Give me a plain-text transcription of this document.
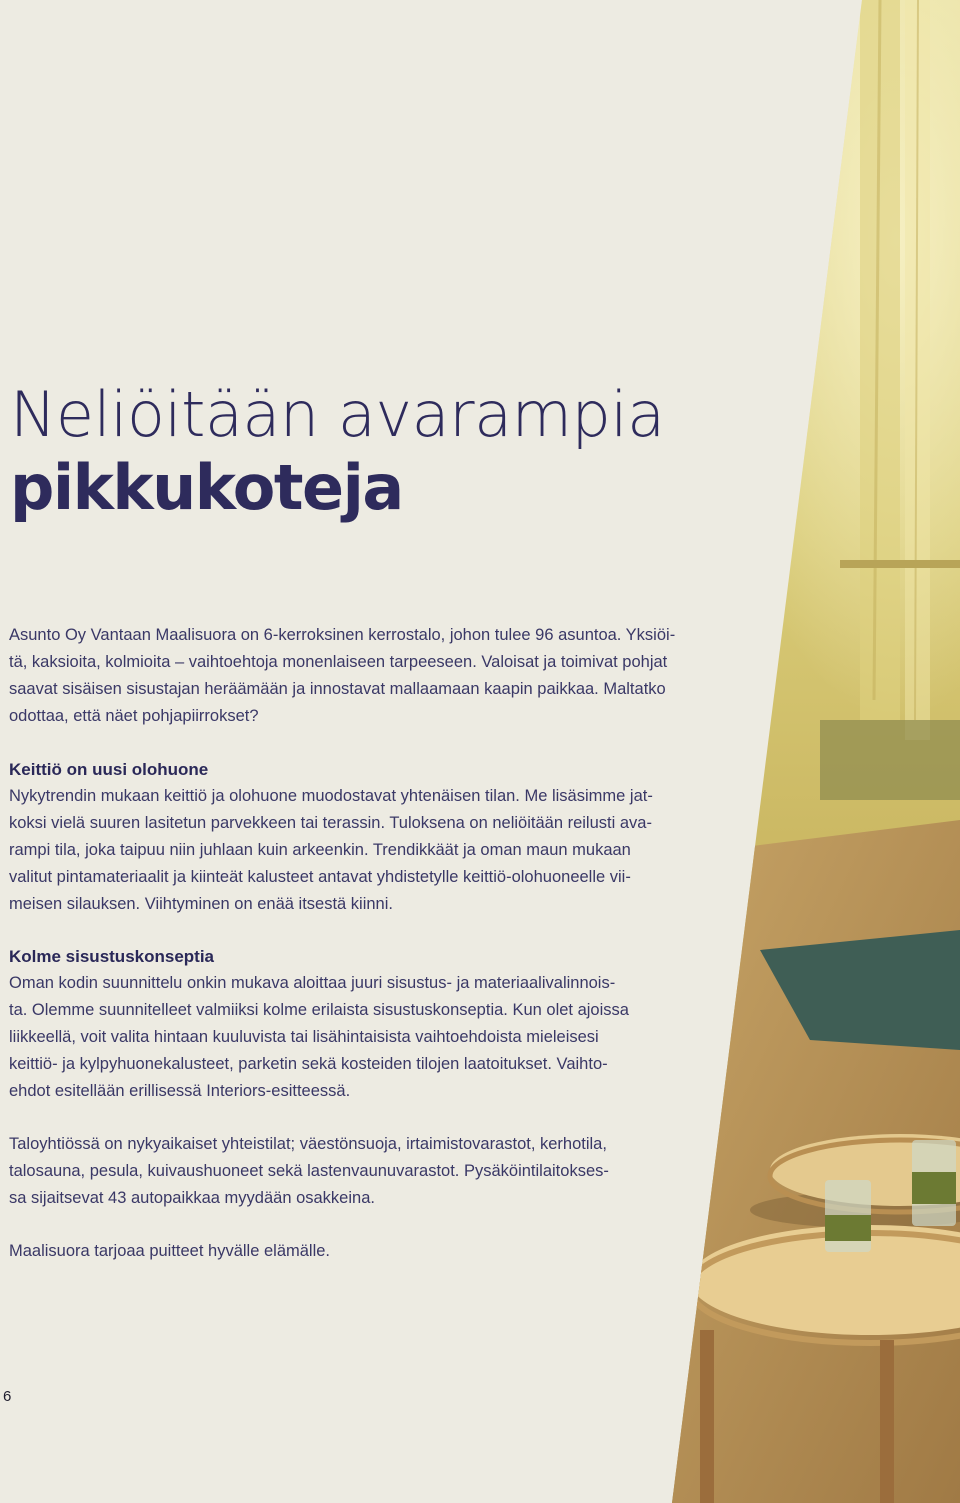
Neliöitään avarampia
pikkukoteja

Asunto Oy Vantaan Maalisuora on 6-kerroksinen kerrostalo, johon tulee 96 asuntoa. Yksiöi-
tä, kaksioita, kolmioita – vaihtoehtoja monenlaiseen tarpeeseen. Valoisat ja toimivat pohjat
saavat sisäisen sisustajan heräämään ja innostavat mallaamaan kaapin paikkaa. Maltatko
odottaa, että näet pohjapiirrokset?

Keittiö on uusi olohuone

Nykytrendin mukaan keittiö ja olohuone muodostavat yhtenäisen tilan. Me lisäsimme jat-
koksi vielä suuren lasitetun parvekkeen tai terassin. Tuloksena on neliöitään reilusti ava-
rampi tila, joka taipuu niin juhlaan kuin arkeenkin. Trendikkäät ja oman maun mukaan
valitut pintamateriaalit ja kiinteät kalusteet antavat yhdistetylle keittiö-olohuoneelle vii-
meisen silauksen. Viihtyminen on enää itsestä kiinni.

Kolme sisustuskonseptia

Oman kodin suunnittelu onkin mukava aloittaa juuri sisustus- ja materiaalivalinnois-
ta. Olemme suunnitelleet valmiiksi kolme erilaista sisustuskonseptia. Kun olet ajoissa
liikkeellä, voit valita hintaan kuuluvista tai lisähintaisista vaihtoehdoista mieleisesi
keittiö- ja kylpyhuonekalusteet, parketin sekä kosteiden tilojen laatoitukset. Vaihto-
ehdot esitellään erillisessä Interiors-esitteessä.

Taloyhtiössä on nykyaikaiset yhteistilat; väestönsuoja, irtaimistovarastot, kerhotila,
talosauna, pesula, kuivaushuoneet sekä lastenvaunuvarastot. Pysäköintilaitokses-
sa sijaitsevat 43 autopaikkaa myydään osakkeina.

Maalisuora tarjoaa puitteet hyvälle elämälle.

6
